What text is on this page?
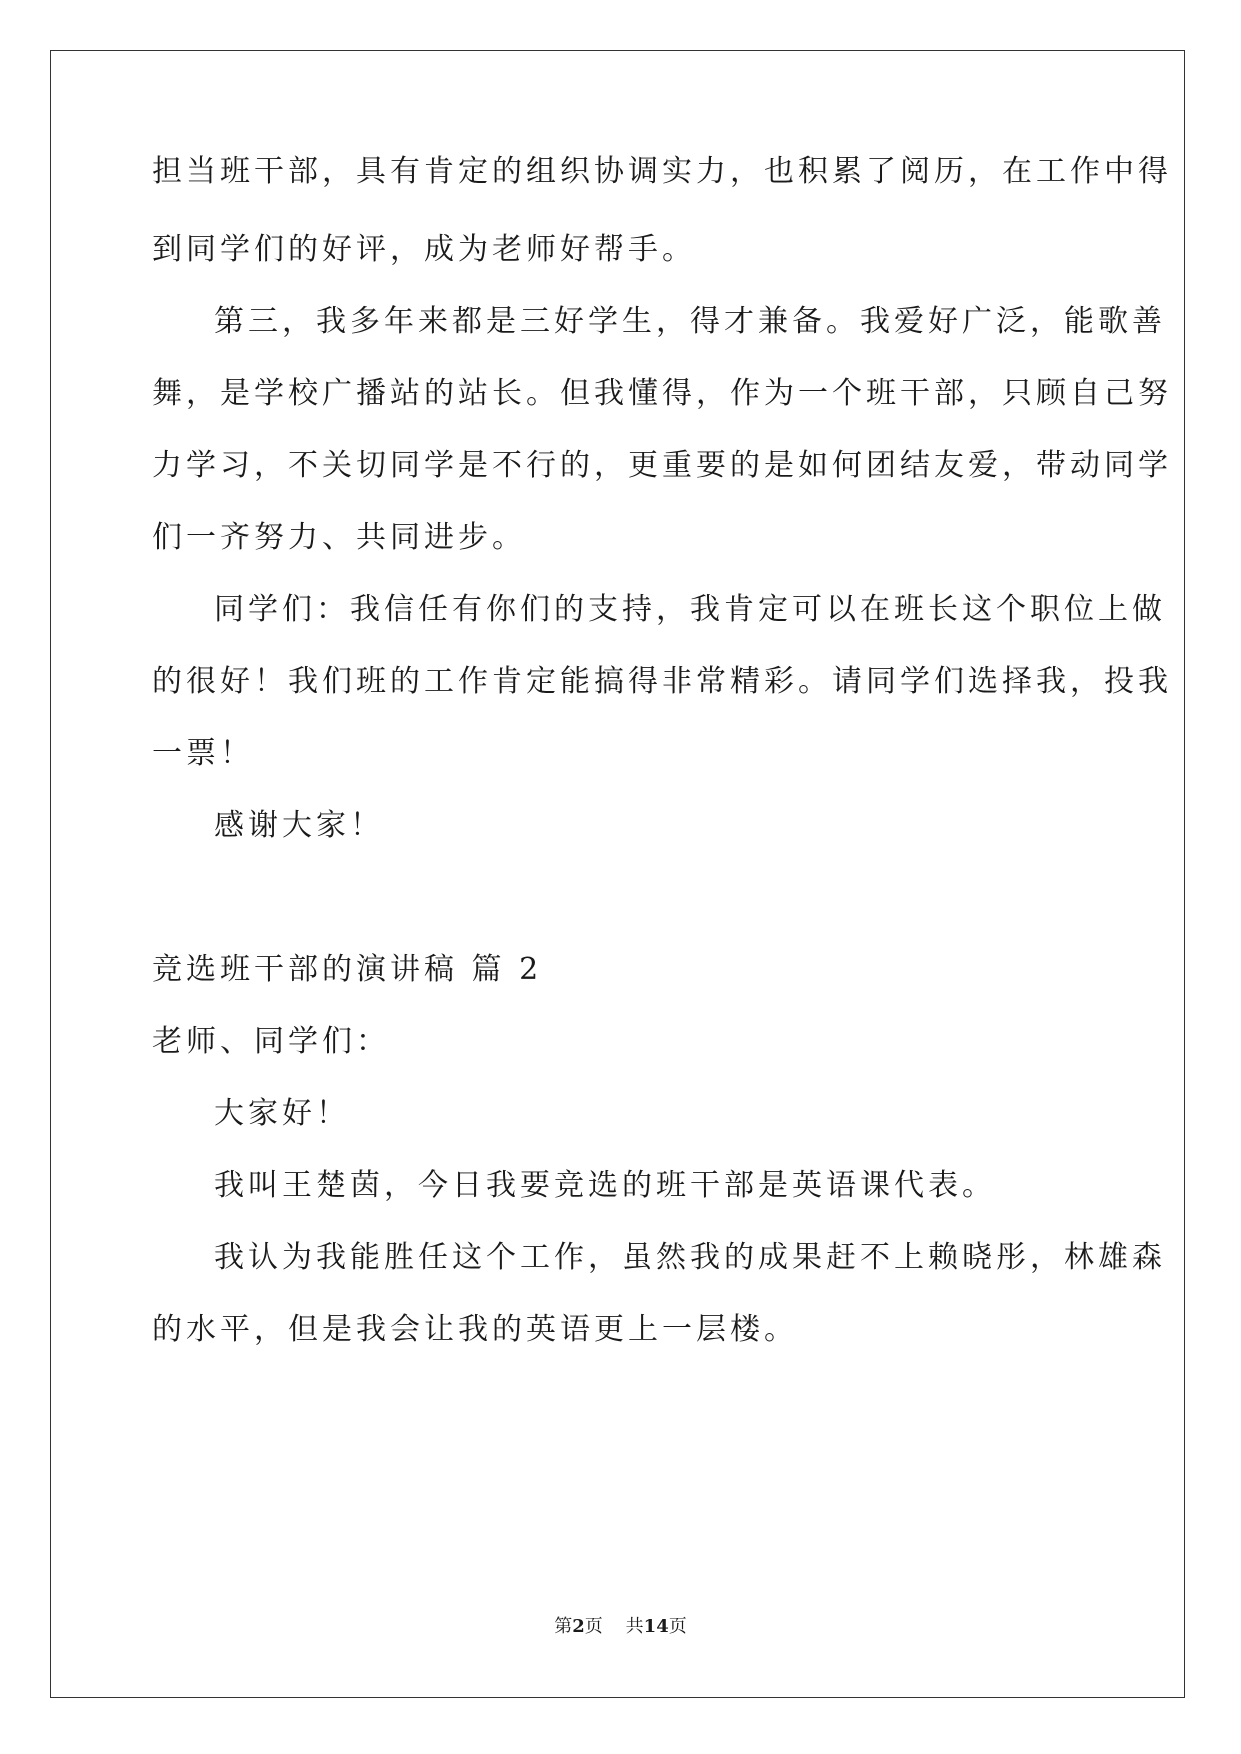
担当班干部，具有肯定的组织协调实力，也积累了阅历，在工作中得
到同学们的好评，成为老师好帮手。
第三，我多年来都是三好学生，得才兼备。我爱好广泛，能歌善
舞，是学校广播站的站长。但我懂得，作为一个班干部，只顾自己努
力学习，不关切同学是不行的，更重要的是如何团结友爱，带动同学
们一齐努力、共同进步。
同学们：我信任有你们的支持，我肯定可以在班长这个职位上做
的很好！我们班的工作肯定能搞得非常精彩。请同学们选择我，投我
一票！
感谢大家！
竞选班干部的演讲稿 篇 2
老师、同学们：
大家好！
我叫王楚茵，今日我要竞选的班干部是英语课代表。
我认为我能胜任这个工作，虽然我的成果赶不上赖晓彤，林雄森
的水平，但是我会让我的英语更上一层楼。
第2页 共14页
